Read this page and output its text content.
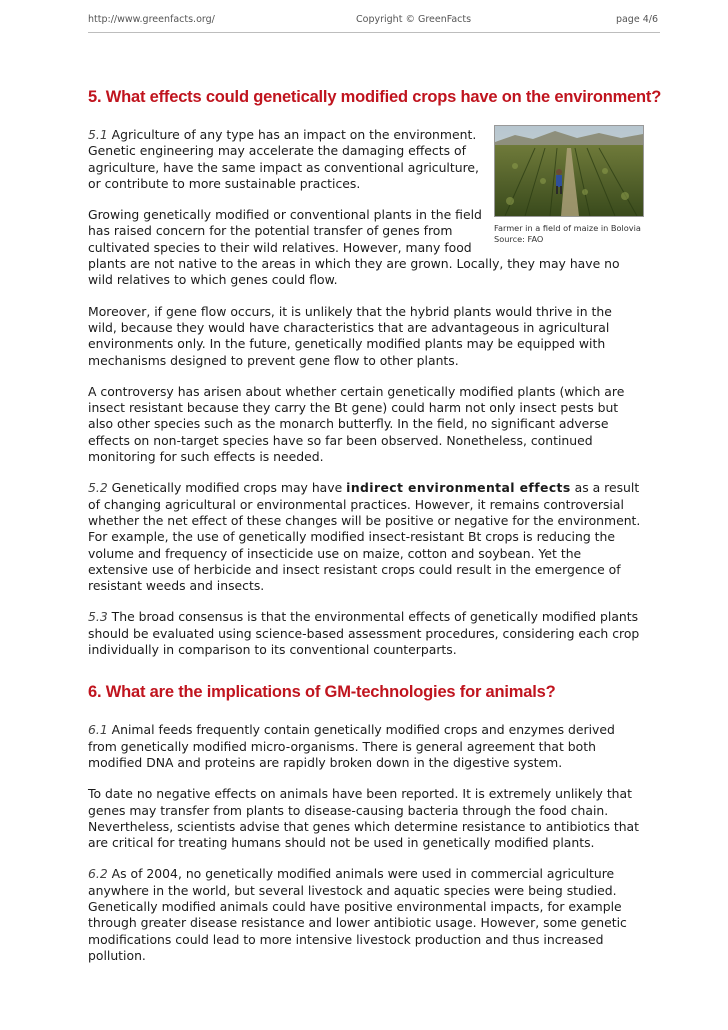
http://www.greenfacts.org/	Copyright © GreenFacts	page 4/6
5. What effects could genetically modified crops have on the environment?
Farmer in a field of maize in Bolovia
Source: FAO

5.1 Agriculture of any type has an impact on the environment. Genetic engineering may accelerate the damaging effects of agriculture, have the same impact as conventional agriculture, or contribute to more sustainable practices.

Growing genetically modified or conventional plants in the field has raised concern for the potential transfer of genes from cultivated species to their wild relatives. However, many food plants are not native to the areas in which they are grown. Locally, they may have no wild relatives to which genes could flow.

Moreover, if gene flow occurs, it is unlikely that the hybrid plants would thrive in the wild, because they would have characteristics that are advantageous in agricultural environments only. In the future, genetically modified plants may be equipped with mechanisms designed to prevent gene flow to other plants.

A controversy has arisen about whether certain genetically modified plants (which are insect resistant because they carry the Bt gene) could harm not only insect pests but also other species such as the monarch butterfly. In the field, no significant adverse effects on non-target species have so far been observed. Nonetheless, continued monitoring for such effects is needed.

5.2 Genetically modified crops may have indirect environmental effects as a result of changing agricultural or environmental practices. However, it remains controversial whether the net effect of these changes will be positive or negative for the environment. For example, the use of genetically modified insect-resistant Bt crops is reducing the volume and frequency of insecticide use on maize, cotton and soybean. Yet the extensive use of herbicide and insect resistant crops could result in the emergence of resistant weeds and insects.

5.3 The broad consensus is that the environmental effects of genetically modified plants should be evaluated using science-based assessment procedures, considering each crop individually in comparison to its conventional counterparts.

6. What are the implications of GM-technologies for animals?

6.1 Animal feeds frequently contain genetically modified crops and enzymes derived from genetically modified micro-organisms. There is general agreement that both modified DNA and proteins are rapidly broken down in the digestive system.

To date no negative effects on animals have been reported. It is extremely unlikely that genes may transfer from plants to disease-causing bacteria through the food chain. Nevertheless, scientists advise that genes which determine resistance to antibiotics that are critical for treating humans should not be used in genetically modified plants.

6.2 As of 2004, no genetically modified animals were used in commercial agriculture anywhere in the world, but several livestock and aquatic species were being studied. Genetically modified animals could have positive environmental impacts, for example through greater disease resistance and lower antibiotic usage. However, some genetic modifications could lead to more intensive livestock production and thus increased pollution.
